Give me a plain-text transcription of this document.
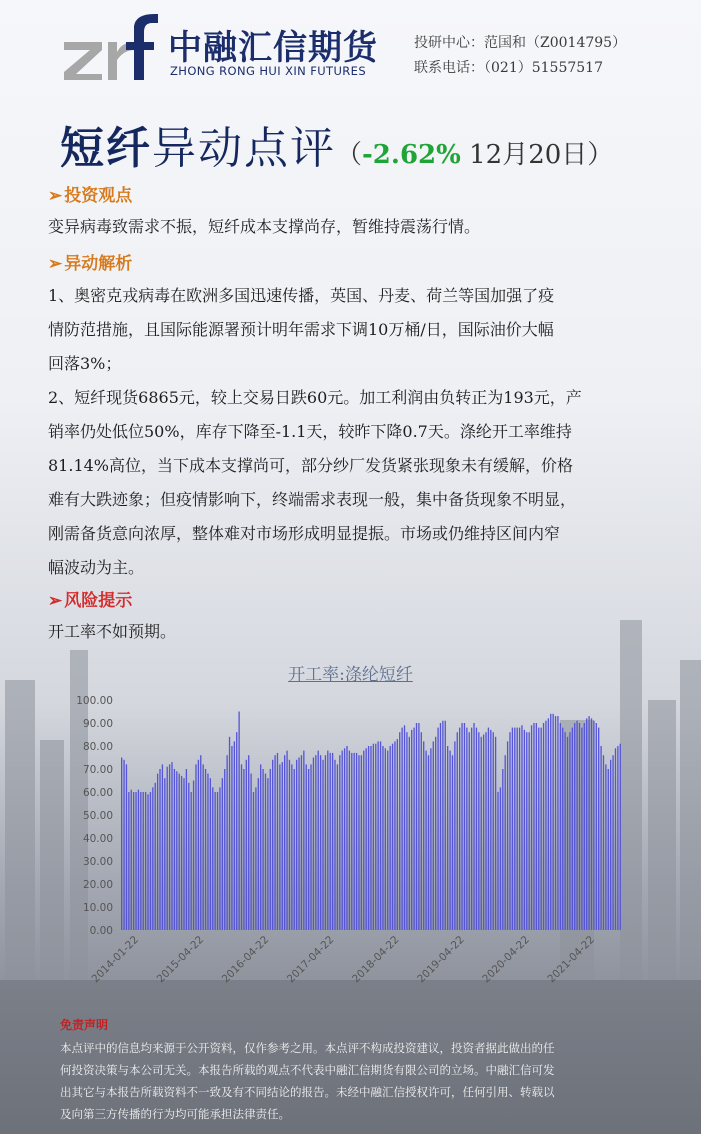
中融汇信期货
ZHONG RONG HUI XIN FUTURES
投研中心：范国和（Z0014795）
联系电话：（021）51557517
短纤异动点评（-2.62% 12月20日）
➢ 投资观点
变异病毒致需求不振，短纤成本支撑尚存，暂维持震荡行情。
➢ 异动解析
1、奥密克戎病毒在欧洲多国迅速传播，英国、丹麦、荷兰等国加强了疫
情防范措施，且国际能源署预计明年需求下调10万桶/日，国际油价大幅
回落3%；
2、短纤现货6865元，较上交易日跌60元。加工利润由负转正为193元，产
销率仍处低位50%，库存下降至-1.1天，较昨下降0.7天。涤纶开工率维持
81.14%高位，当下成本支撑尚可，部分纱厂发货紧张现象未有缓解，价格
难有大跌迹象；但疫情影响下，终端需求表现一般，集中备货现象不明显，
刚需备货意向浓厚，整体难对市场形成明显提振。市场或仍维持区间内窄
幅波动为主。
➢ 风险提示
开工率不如预期。
开工率:涤纶短纤
0.00
10.00
20.00
30.00
40.00
50.00
60.00
70.00
80.00
90.00
100.00
2014-01-22 2015-04-22 2016-04-22 2017-04-22 2018-04-22 2019-04-22 2020-04-22 2021-04-22
免责声明
本点评中的信息均来源于公开资料，仅作参考之用。本点评不构成投资建议，投资者据此做出的任
何投资决策与本公司无关。本报告所载的观点不代表中融汇信期货有限公司的立场。中融汇信可发
出其它与本报告所载资料不一致及有不同结论的报告。未经中融汇信授权许可，任何引用、转载以
及向第三方传播的行为均可能承担法律责任。
